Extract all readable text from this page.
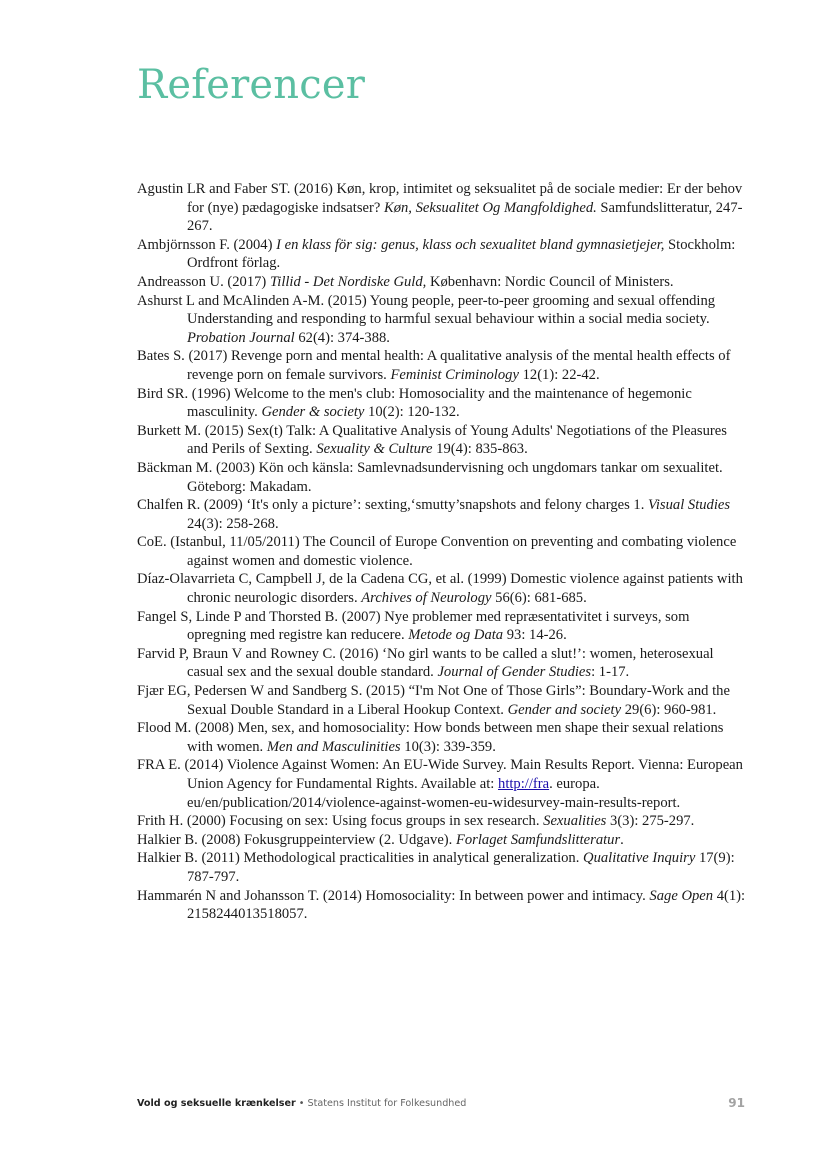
Referencer

Agustin LR and Faber ST. (2016) Køn, krop, intimitet og seksualitet på de sociale medier: Er der behov for (nye) pædagogiske indsatser? Køn, Seksualitet Og Mangfoldighed. Samfundslitteratur, 247-267.

Ambjörnsson F. (2004) I en klass för sig: genus, klass och sexualitet bland gymnasietjejer, Stockholm: Ordfront förlag.

Andreasson U. (2017) Tillid - Det Nordiske Guld, København: Nordic Council of Ministers.

Ashurst L and McAlinden A-M. (2015) Young people, peer-to-peer grooming and sexual offending Understanding and responding to harmful sexual behaviour within a social media society. Probation Journal 62(4): 374-388.

Bates S. (2017) Revenge porn and mental health: A qualitative analysis of the mental health effects of revenge porn on female survivors. Feminist Criminology 12(1): 22-42.

Bird SR. (1996) Welcome to the men's club: Homosociality and the maintenance of hegemonic masculinity. Gender & society 10(2): 120-132.

Burkett M. (2015) Sex(t) Talk: A Qualitative Analysis of Young Adults' Negotiations of the Pleasures and Perils of Sexting. Sexuality & Culture 19(4): 835-863.

Bäckman M. (2003) Kön och känsla: Samlevnadsundervisning och ungdomars tankar om sexualitet. Göteborg: Makadam.

Chalfen R. (2009) ‘It's only a picture’: sexting,‘smutty’snapshots and felony charges 1. Visual Studies 24(3): 258-268.

CoE. (Istanbul, 11/05/2011) The Council of Europe Convention on preventing and combating violence against women and domestic violence.

Díaz-Olavarrieta C, Campbell J, de la Cadena CG, et al. (1999) Domestic violence against patients with chronic neurologic disorders. Archives of Neurology 56(6): 681-685.

Fangel S, Linde P and Thorsted B. (2007) Nye problemer med repræsentativitet i surveys, som opregning med registre kan reducere. Metode og Data 93: 14-26.

Farvid P, Braun V and Rowney C. (2016) ‘No girl wants to be called a slut!’: women, heterosexual casual sex and the sexual double standard. Journal of Gender Studies: 1-17.

Fjær EG, Pedersen W and Sandberg S. (2015) “I'm Not One of Those Girls”: Boundary-Work and the Sexual Double Standard in a Liberal Hookup Context. Gender and society 29(6): 960-981.

Flood M. (2008) Men, sex, and homosociality: How bonds between men shape their sexual relations with women. Men and Masculinities 10(3): 339-359.

FRA E. (2014) Violence Against Women: An EU-Wide Survey. Main Results Report. Vienna: European Union Agency for Fundamental Rights. Available at: http://fra. europa. eu/en/publication/2014/violence-against-women-eu-widesurvey-main-results-report.

Frith H. (2000) Focusing on sex: Using focus groups in sex research. Sexualities 3(3): 275-297.

Halkier B. (2008) Fokusgruppeinterview (2. Udgave). Forlaget Samfundslitteratur.

Halkier B. (2011) Methodological practicalities in analytical generalization. Qualitative Inquiry 17(9): 787-797.

Hammarén N and Johansson T. (2014) Homosociality: In between power and intimacy. Sage Open 4(1): 2158244013518057.

Vold og seksuelle krænkelser • Statens Institut for Folkesundhed	91
